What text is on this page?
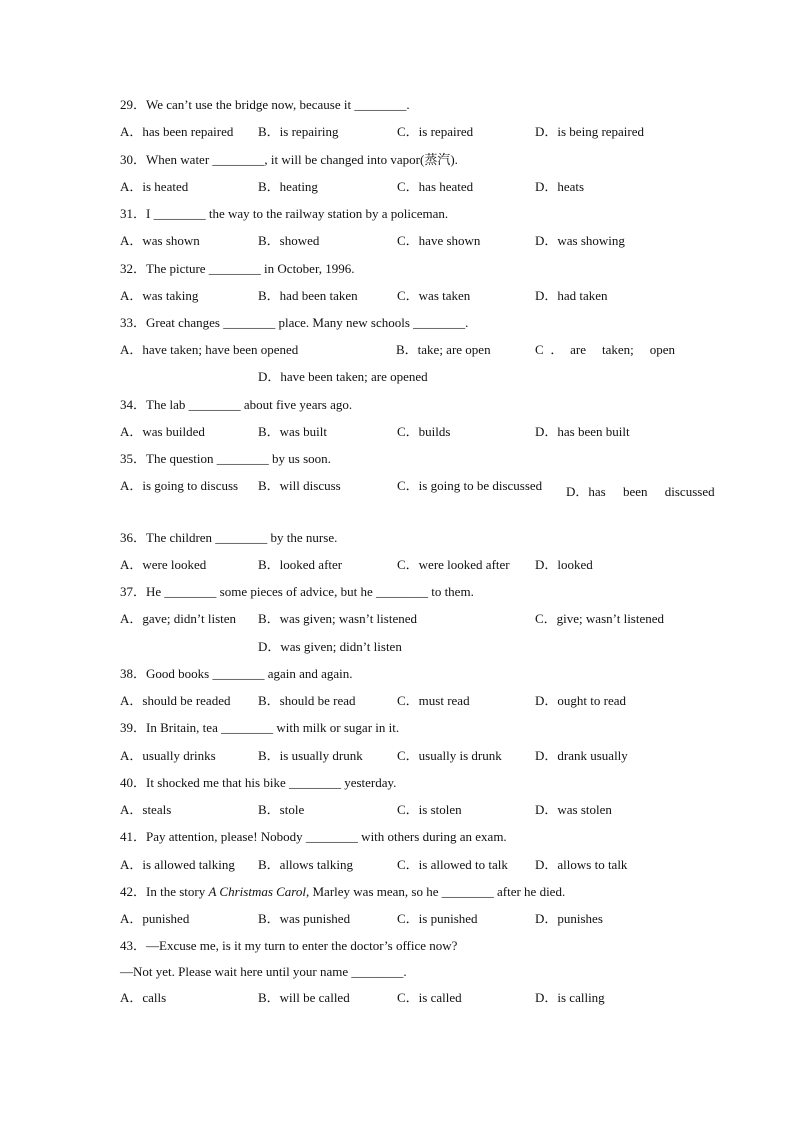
29．We can’t use the bridge now, because it ________.
A．has been repaired B．is repairing	C．is repaired	D．is being repaired
30．When water ________, it will be changed into vapor(蒸汽).
A．is heated	B．heating	C．has heated	D．heats
31．I ________ the way to the railway station by a policeman.
A．was shown	B．showed	C．have shown	D．was showing
32．The picture ________ in October, 1996.
A．was taking	B．had been taken	C．was taken	D．had taken
33．Great changes ________ place. Many new schools ________.
A．have taken; have been opened	B．take; are open	C．are taken; open
D．have been taken; are opened
34．The lab ________ about five years ago.
A．was builded	B．was built	C．builds	D．has been built
35．The question ________ by us soon.
A．is going to discuss B．will discuss	C．is going to be discussed D．has been discussed
36．The children ________ by the nurse.
A．were looked	B．looked after	C．were looked after D．looked
37．He ________ some pieces of advice, but he ________ to them.
A．gave; didn’t listen B．was given; wasn’t listened	C．give; wasn’t listened
D．was given; didn’t listen
38．Good books ________ again and again.
A．should be readed B．should be read	C．must read	D．ought to read
39．In Britain, tea ________ with milk or sugar in it.
A．usually drinks	B．is usually drunk	C．usually is drunk	D．drank usually
40．It shocked me that his bike ________ yesterday.
A．steals	B．stole	C．is stolen	D．was stolen
41．Pay attention, please! Nobody ________ with others during an exam.
A．is allowed talking B．allows talking	C．is allowed to talk D．allows to talk
42．In the story A Christmas Carol, Marley was mean, so he ________ after he died.
A．punished	B．was punished	C．is punished	D．punishes
43．—Excuse me, is it my turn to enter the doctor’s office now?
—Not yet. Please wait here until your name ________.
A．calls	B．will be called	C．is called	D．is calling
